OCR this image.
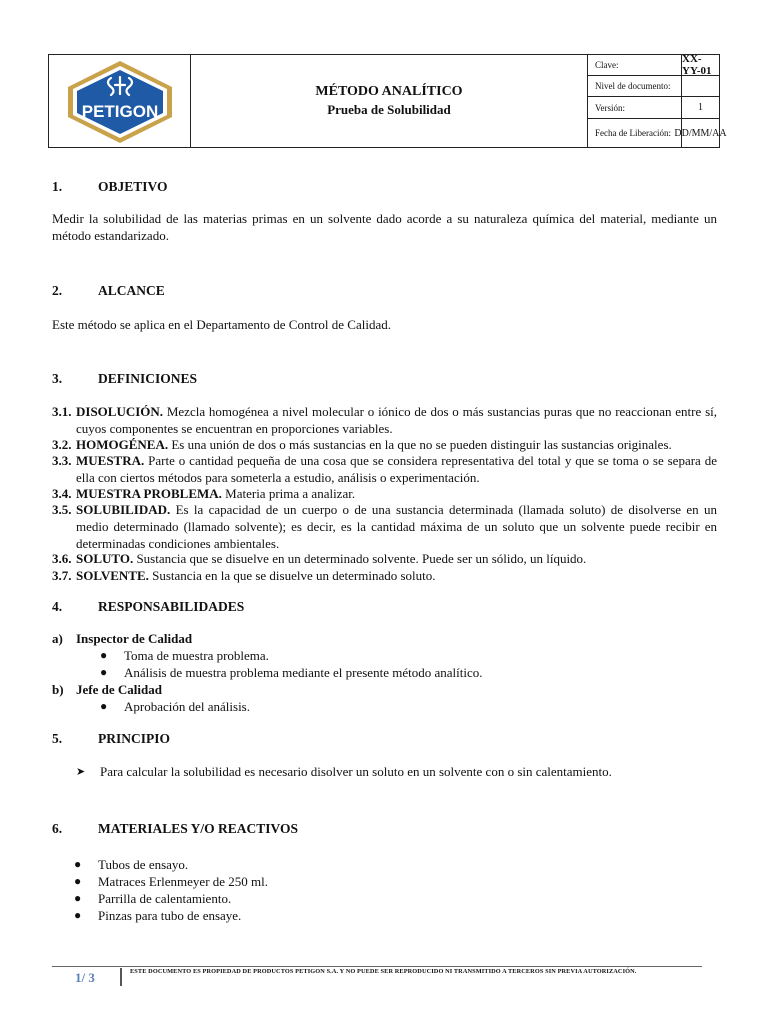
PETIGON
MÉTODO ANALÍTICO
Prueba de Solubilidad
Clave:	XX-YY-01
Nivel de documento:
Versión:	1
Fecha de Liberación: DD/MM/AA
1.	OBJETIVO
Medir la solubilidad de las materias primas en un solvente dado acorde a su naturaleza química del material, mediante un método estandarizado.
2.	ALCANCE
Este método se aplica en el Departamento de Control de Calidad.
3.	DEFINICIONES
3.1. DISOLUCIÓN. Mezcla homogénea a nivel molecular o iónico de dos o más sustancias puras que no reaccionan entre sí, cuyos componentes se encuentran en proporciones variables.
3.2. HOMOGÉNEA. Es una unión de dos o más sustancias en la que no se pueden distinguir las sustancias originales.
3.3. MUESTRA. Parte o cantidad pequeña de una cosa que se considera representativa del total y que se toma o se separa de ella con ciertos métodos para someterla a estudio, análisis o experimentación.
3.4. MUESTRA PROBLEMA. Materia prima a analizar.
3.5. SOLUBILIDAD. Es la capacidad de un cuerpo o de una sustancia determinada (llamada soluto) de disolverse en un medio determinado (llamado solvente); es decir, es la cantidad máxima de un soluto que un solvente puede recibir en determinadas condiciones ambientales.
3.6. SOLUTO. Sustancia que se disuelve en un determinado solvente. Puede ser un sólido, un líquido.
3.7. SOLVENTE. Sustancia en la que se disuelve un determinado soluto.
4.	RESPONSABILIDADES
a) Inspector de Calidad
● Toma de muestra problema.
● Análisis de muestra problema mediante el presente método analítico.
b) Jefe de Calidad
● Aprobación del análisis.
5.	PRINCIPIO
➤ Para calcular la solubilidad es necesario disolver un soluto en un solvente con o sin calentamiento.
6.	MATERIALES Y/O REACTIVOS
● Tubos de ensayo.
● Matraces Erlenmeyer de 250 ml.
● Parrilla de calentamiento.
● Pinzas para tubo de ensaye.
1/ 3	ESTE DOCUMENTO ES PROPIEDAD DE PRODUCTOS PETIGON S.A. Y NO PUEDE SER REPRODUCIDO NI TRANSMITIDO A TERCEROS SIN PREVIA AUTORIZACIÓN.
